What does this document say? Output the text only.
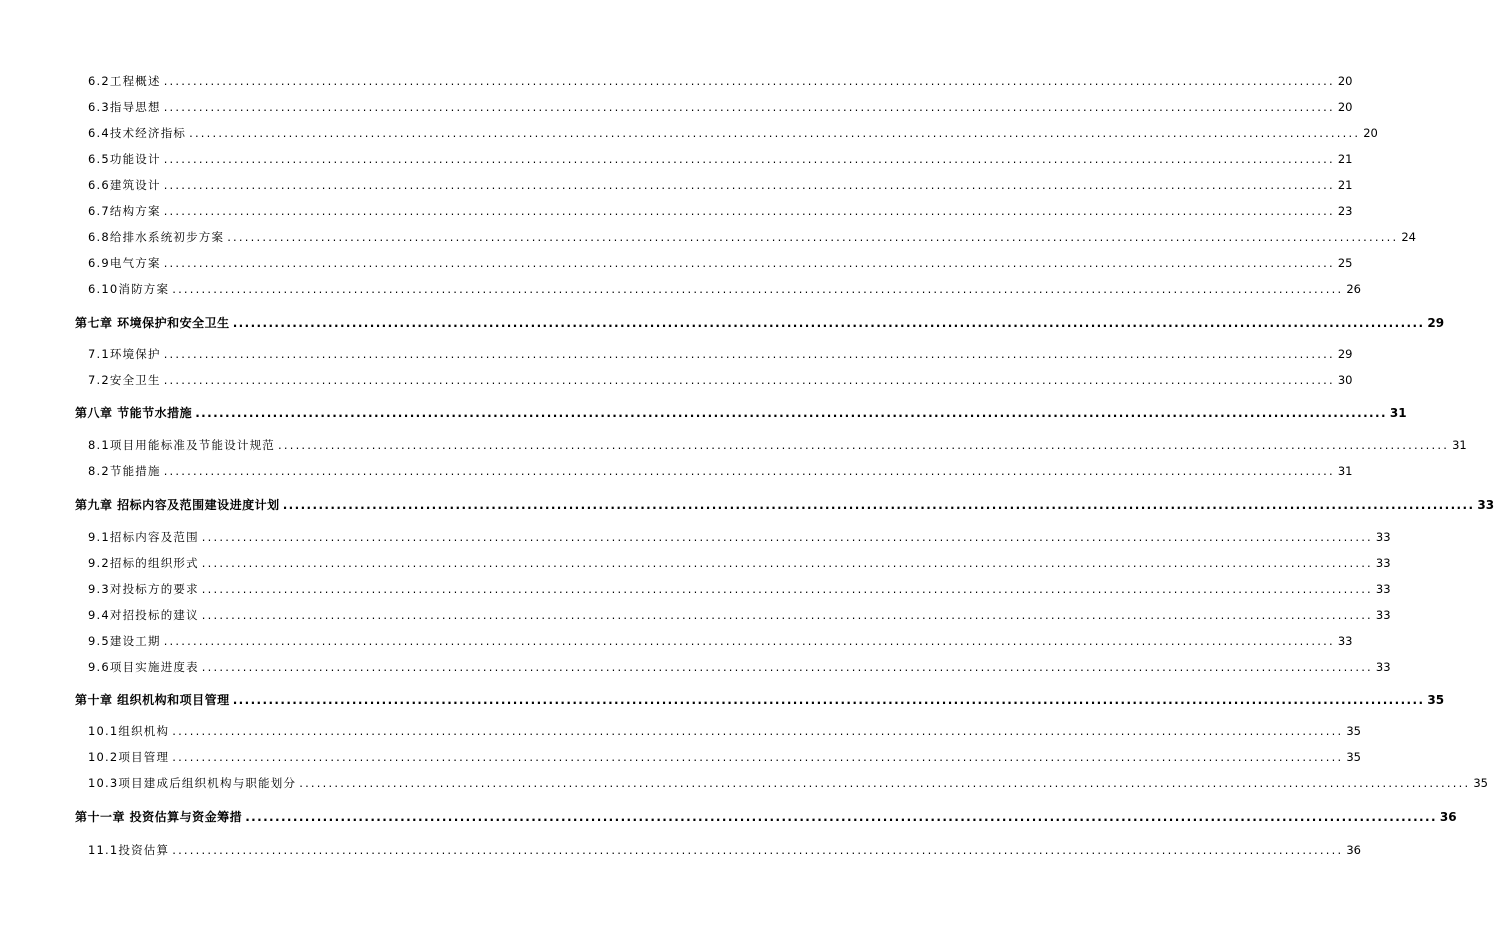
6.2工程概述 ........................................................................................................................................................................................................ 20
6.3指导思想 ........................................................................................................................................................................................................ 20
6.4技术经济指标 ........................................................................................................................................................................................................ 20
6.5功能设计 ........................................................................................................................................................................................................ 21
6.6建筑设计 ........................................................................................................................................................................................................ 21
6.7结构方案 ........................................................................................................................................................................................................ 23
6.8给排水系统初步方案 ........................................................................................................................................................................................................ 24
6.9电气方案 ........................................................................................................................................................................................................ 25
6.10消防方案 ........................................................................................................................................................................................................ 26
第七章 环境保护和安全卫生 ........................................................................................................................................................................................................ 29
7.1环境保护 ........................................................................................................................................................................................................ 29
7.2安全卫生 ........................................................................................................................................................................................................ 30
第八章 节能节水措施 ........................................................................................................................................................................................................ 31
8.1项目用能标准及节能设计规范 ........................................................................................................................................................................................................ 31
8.2节能措施 ........................................................................................................................................................................................................ 31
第九章 招标内容及范围建设进度计划 ........................................................................................................................................................................................................ 33
9.1招标内容及范围 ........................................................................................................................................................................................................ 33
9.2招标的组织形式 ........................................................................................................................................................................................................ 33
9.3对投标方的要求 ........................................................................................................................................................................................................ 33
9.4对招投标的建议 ........................................................................................................................................................................................................ 33
9.5建设工期 ........................................................................................................................................................................................................ 33
9.6项目实施进度表 ........................................................................................................................................................................................................ 33
第十章 组织机构和项目管理 ........................................................................................................................................................................................................ 35
10.1组织机构 ........................................................................................................................................................................................................ 35
10.2项目管理 ........................................................................................................................................................................................................ 35
10.3项目建成后组织机构与职能划分 ........................................................................................................................................................................................................ 35
第十一章 投资估算与资金筹措 ........................................................................................................................................................................................................ 36
11.1投资估算 ........................................................................................................................................................................................................ 36
